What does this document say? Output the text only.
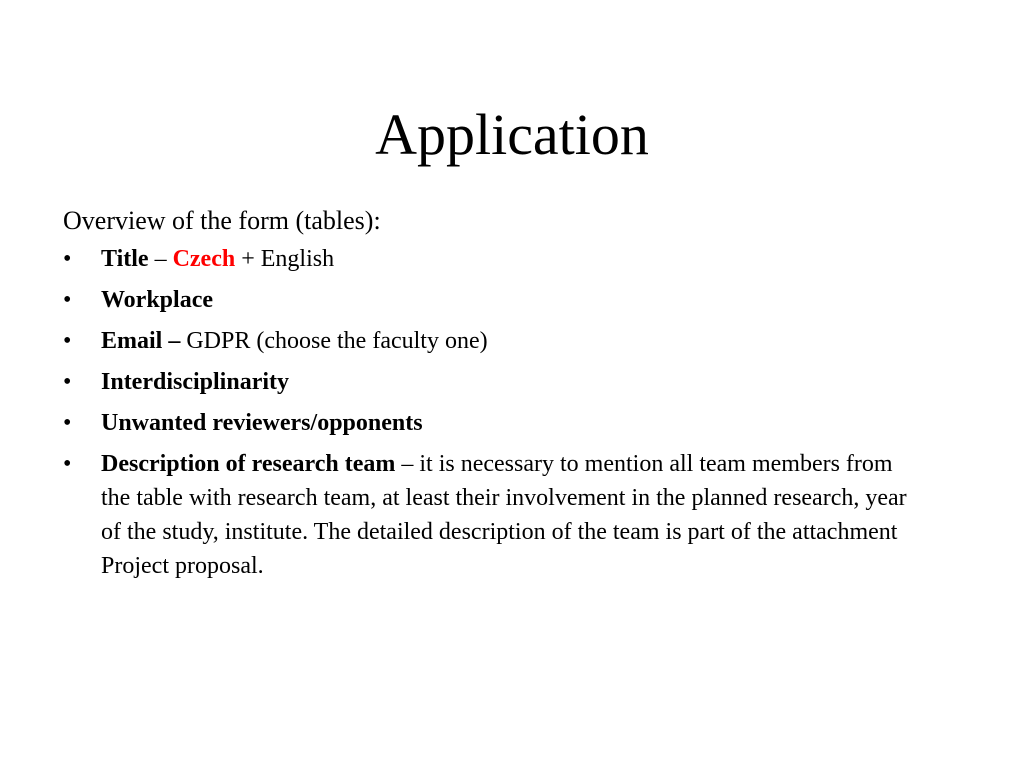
Application

Overview of the form (tables):

•	Title – Czech + English
•	Workplace
•	Email – GDPR (choose the faculty one)
•	Interdisciplinarity
•	Unwanted reviewers/opponents
•	Description of research team – it is necessary to mention all team members from the table with research team, at least their involvement in the planned research, year of the study, institute. The detailed description of the team is part of the attachment Project proposal.
